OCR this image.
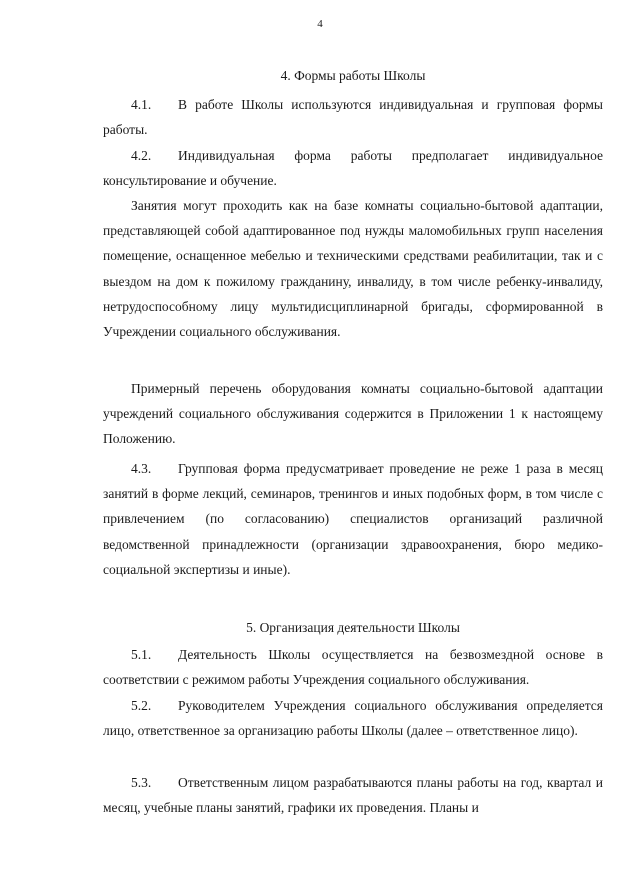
4
4. Формы работы Школы

4.1. В работе Школы используются индивидуальная и групповая формы работы.

4.2. Индивидуальная форма работы предполагает индивидуальное консультирование и обучение.

Занятия могут проходить как на базе комнаты социально-бытовой адаптации, представляющей собой адаптированное под нужды маломобильных групп населения помещение, оснащенное мебелью и техническими средствами реабилитации, так и с выездом на дом к пожилому гражданину, инвалиду, в том числе ребенку-инвалиду, нетрудоспособному лицу мультидисциплинарной бригады, сформированной в Учреждении социального обслуживания.

Примерный перечень оборудования комнаты социально-бытовой адаптации учреждений социального обслуживания содержится в Приложении 1 к настоящему Положению.

4.3. Групповая форма предусматривает проведение не реже 1 раза в месяц занятий в форме лекций, семинаров, тренингов и иных подобных форм, в том числе с привлечением (по согласованию) специалистов организаций различной ведомственной принадлежности (организации здравоохранения, бюро медико-социальной экспертизы и иные).

5. Организация деятельности Школы

5.1. Деятельность Школы осуществляется на безвозмездной основе в соответствии с режимом работы Учреждения социального обслуживания.

5.2. Руководителем Учреждения социального обслуживания определяется лицо, ответственное за организацию работы Школы (далее – ответственное лицо).

5.3. Ответственным лицом разрабатываются планы работы на год, квартал и месяц, учебные планы занятий, графики их проведения. Планы и
